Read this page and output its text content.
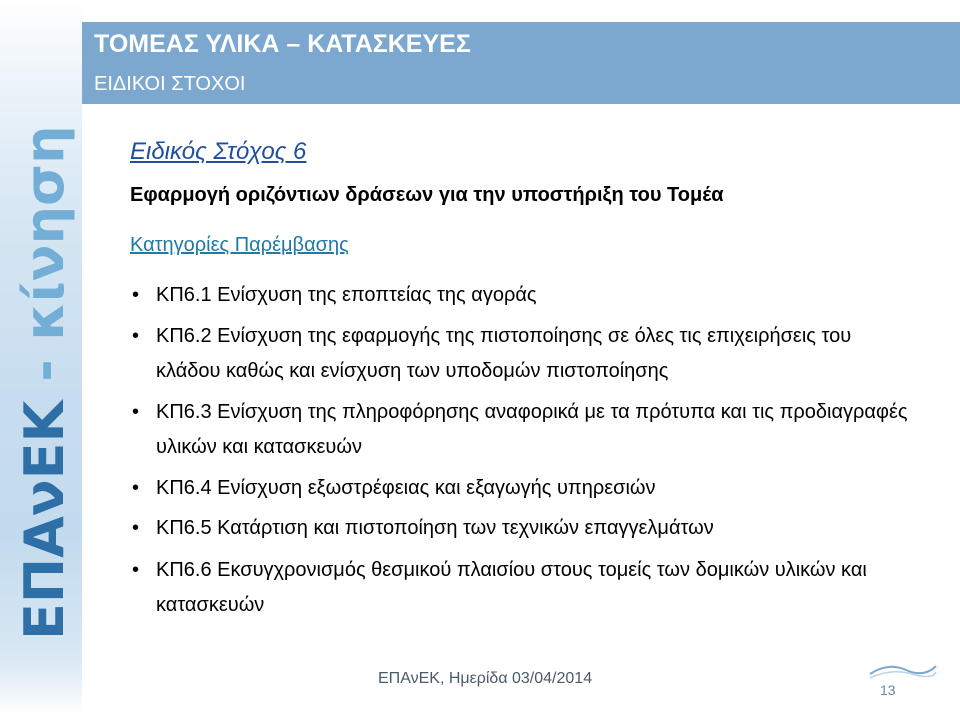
ΕΠΑνΕΚ - κίνηση
ΤΟΜΕΑΣ ΥΛΙΚΑ – ΚΑΤΑΣΚΕΥΕΣ
ΕΙΔΙΚΟΙ ΣΤΟΧΟΙ
Ειδικός Στόχος 6
Εφαρμογή οριζόντιων δράσεων για την υποστήριξη του Τομέα
Κατηγορίες Παρέμβασης
• ΚΠ6.1 Ενίσχυση της εποπτείας της αγοράς
• ΚΠ6.2 Ενίσχυση της εφαρμογής της πιστοποίησης σε όλες τις επιχειρήσεις του κλάδου καθώς και ενίσχυση των υποδομών πιστοποίησης
• ΚΠ6.3 Ενίσχυση της πληροφόρησης αναφορικά με τα πρότυπα και τις προδιαγραφές υλικών και κατασκευών
• ΚΠ6.4 Ενίσχυση εξωστρέφειας και εξαγωγής υπηρεσιών
• ΚΠ6.5 Κατάρτιση και πιστοποίηση των τεχνικών επαγγελμάτων
• ΚΠ6.6 Εκσυγχρονισμός θεσμικού πλαισίου στους τομείς των δομικών υλικών και κατασκευών
ΕΠΑνΕΚ, Ημερίδα 03/04/2014
13
